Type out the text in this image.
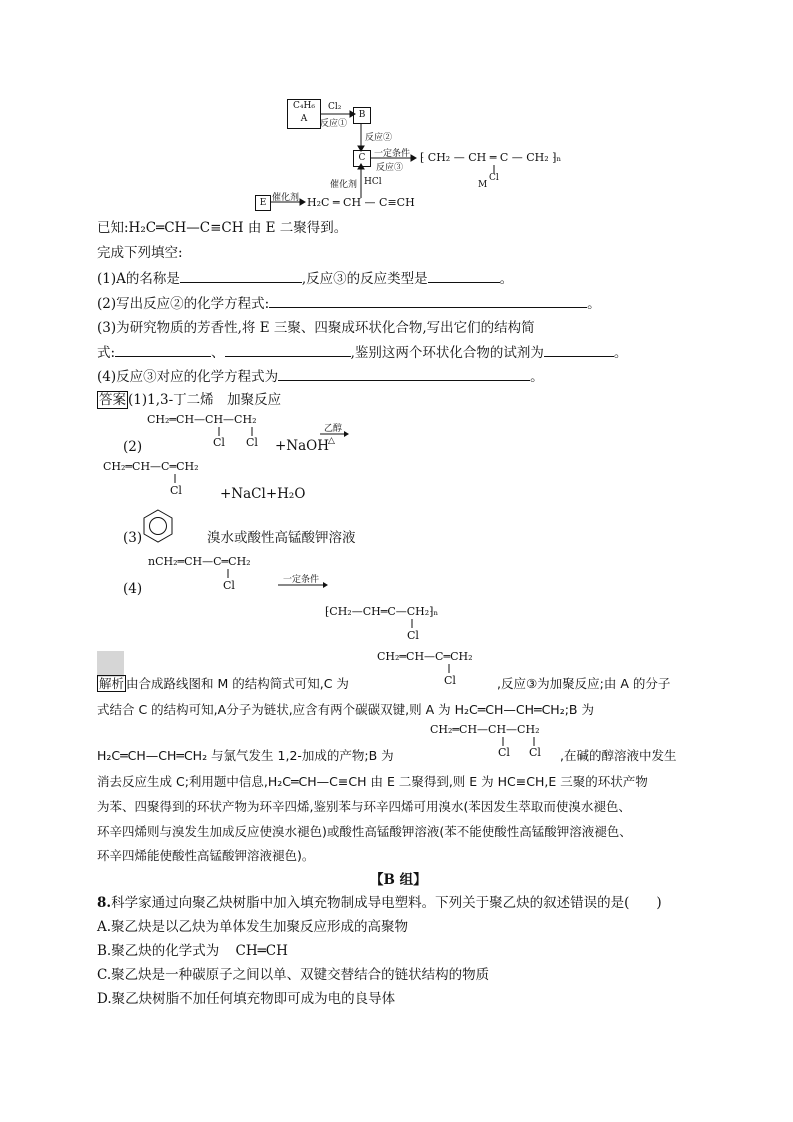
C₄H₆
A	B
C
E
Cl₂
反应①
反应②
一定条件
反应③
催化剂 HCl
催化剂 H₂C ═ CH — C≡CH
⁅ CH₂ — CH ═ C — CH₂ ⁆ₙ
M
Cl
已知:H₂C═CH—C≡CH 由 E 二聚得到。
完成下列填空:
(1)A的名称是	,反应③的反应类型是	。
(2)写出反应②的化学方程式:	。
(3)为研究物质的芳香性,将 E 三聚、四聚成环状化合物,写出它们的结构简
式:	、	,鉴别这两个环状化合物的试剂为	。
(4)反应③对应的化学方程式为	。
答案 (1)1,3-丁二烯　加聚反应
CH₂═CH—CH—CH₂
Cl Cl
(2)	+NaOH
乙醇
△
CH₂═CH—C═CH₂
Cl	+NaCl+H₂O
(3)	溴水或酸性高锰酸钾溶液
nCH₂═CH—C═CH₂
Cl
(4)
一定条件
⁅CH₂—CH═C—CH₂⁆ₙ
Cl
CH₂═CH—C═CH₂
Cl
解析 由合成路线图和 M 的结构简式可知,C 为	,反应③为加聚反应;由 A 的分子
式结合 C 的结构可知,A分子为链状,应含有两个碳碳双键,则 A 为 H₂C═CH—CH═CH₂;B 为
CH₂═CH—CH—CH₂
Cl Cl
H₂C═CH—CH═CH₂ 与氯气发生 1,2-加成的产物;B 为	,在碱的醇溶液中发生
消去反应生成 C;利用题中信息,H₂C═CH—C≡CH 由 E 二聚得到,则 E 为 HC≡CH,E 三聚的环状产物
为苯、四聚得到的环状产物为环辛四烯,鉴别苯与环辛四烯可用溴水(苯因发生萃取而使溴水褪色、
环辛四烯则与溴发生加成反应使溴水褪色)或酸性高锰酸钾溶液(苯不能使酸性高锰酸钾溶液褪色、
环辛四烯能使酸性高锰酸钾溶液褪色)。
【B 组】
8.科学家通过向聚乙炔树脂中加入填充物制成导电塑料。下列关于聚乙炔的叙述错误的是(　　)
A.聚乙炔是以乙炔为单体发生加聚反应形成的高聚物
B.聚乙炔的化学式为 CH═CH
C.聚乙炔是一种碳原子之间以单、双键交替结合的链状结构的物质
D.聚乙炔树脂不加任何填充物即可成为电的良导体
